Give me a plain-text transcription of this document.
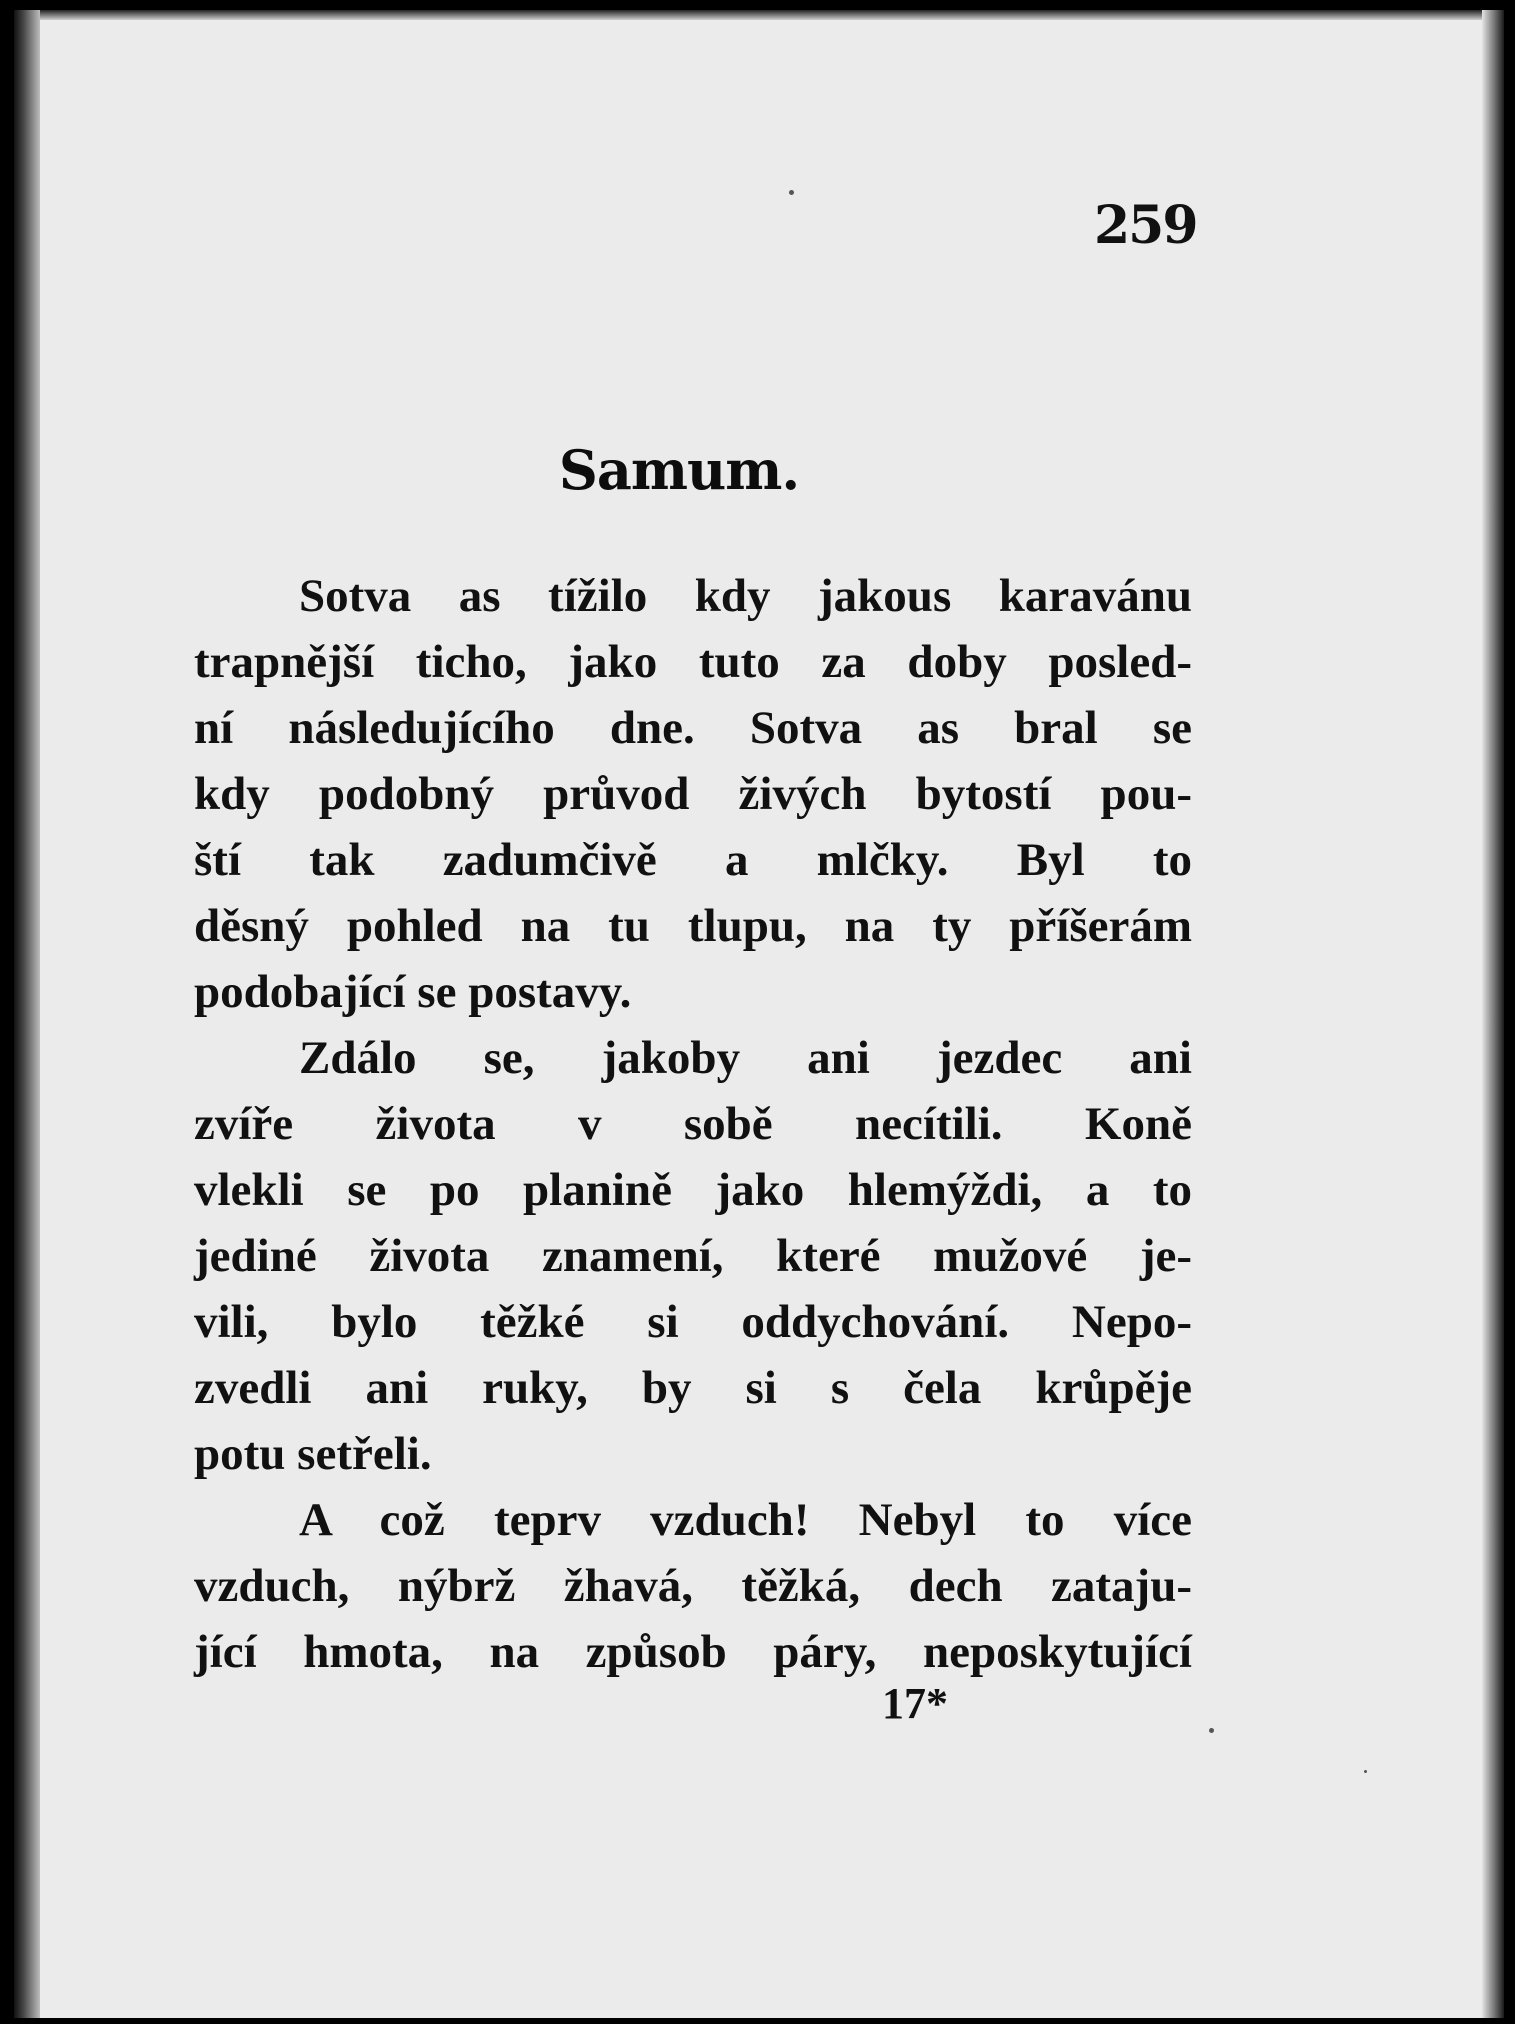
259
Samum.
Sotva as tížilo kdy jakous karavánu
trapnější ticho, jako tuto za doby posled-
ní následujícího dne. Sotva as bral se
kdy podobný průvod živých bytostí pou-
ští tak zadumčivě a mlčky. Byl to
děsný pohled na tu tlupu, na ty příšerám
podobající se postavy.
Zdálo se, jakoby ani jezdec ani
zvíře života v sobě necítili. Koně
vlekli se po planině jako hlemýždi, a to
jediné života znamení, které mužové je-
vili, bylo těžké si oddychování. Nepo-
zvedli ani ruky, by si s čela krůpěje
potu setřeli.
A což teprv vzduch! Nebyl to více
vzduch, nýbrž žhavá, těžká, dech zataju-
jící hmota, na způsob páry, neposkytující
17*
